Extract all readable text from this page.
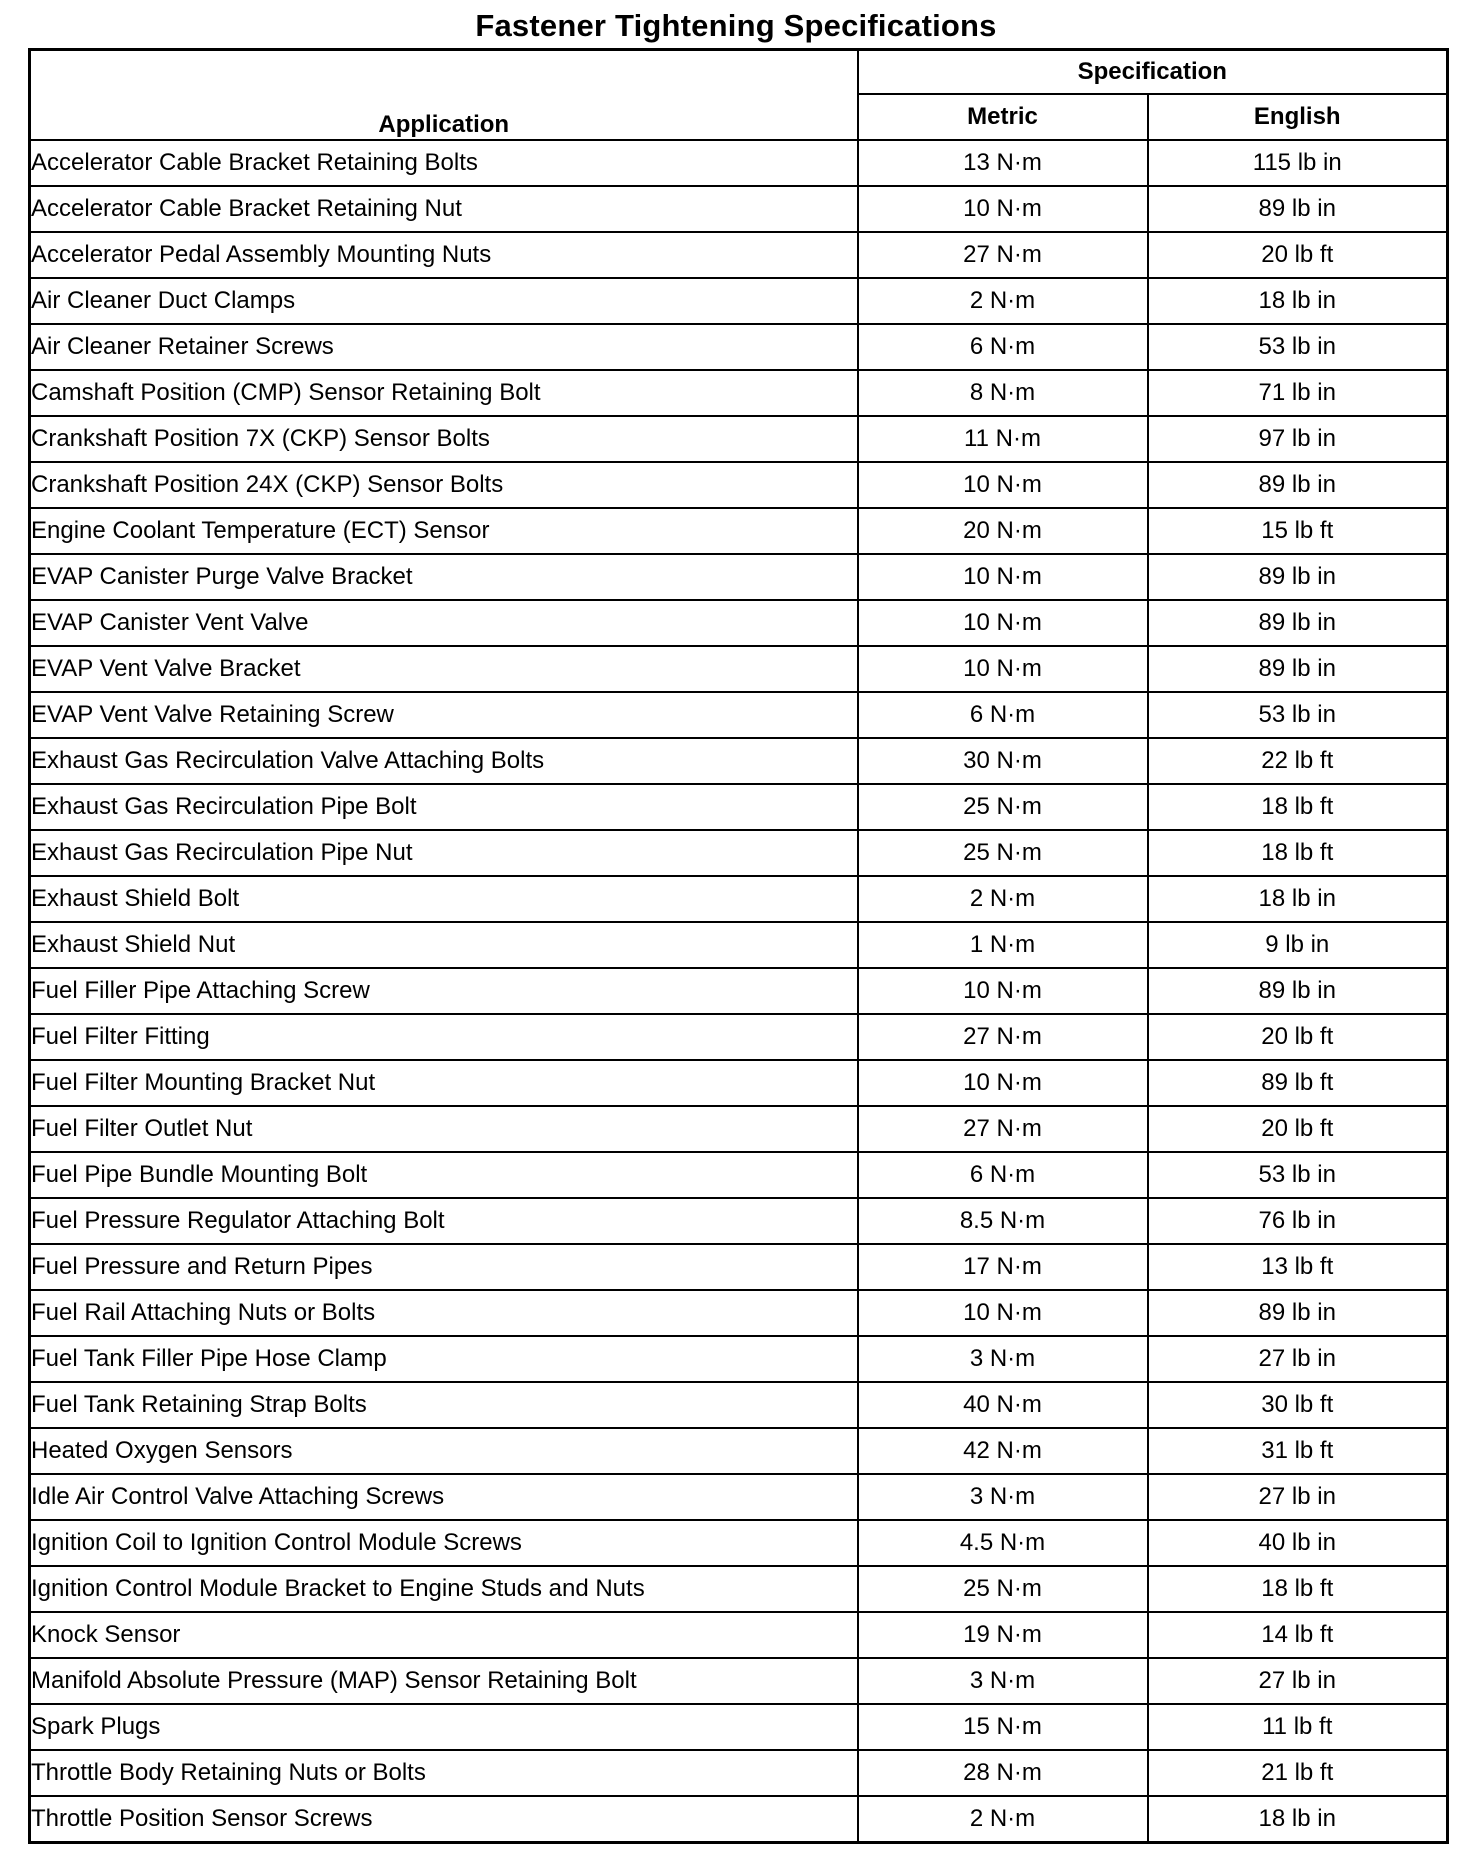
Fastener Tightening Specifications
Application	Specification	
	Metric	English
Accelerator Cable Bracket Retaining Bolts	13 N·m	115 lb in
Accelerator Cable Bracket Retaining Nut	10 N·m	89 lb in
Accelerator Pedal Assembly Mounting Nuts	27 N·m	20 lb ft
Air Cleaner Duct Clamps	2 N·m	18 lb in
Air Cleaner Retainer Screws	6 N·m	53 lb in
Camshaft Position (CMP) Sensor Retaining Bolt	8 N·m	71 lb in
Crankshaft Position 7X (CKP) Sensor Bolts	11 N·m	97 lb in
Crankshaft Position 24X (CKP) Sensor Bolts	10 N·m	89 lb in
Engine Coolant Temperature (ECT) Sensor	20 N·m	15 lb ft
EVAP Canister Purge Valve Bracket	10 N·m	89 lb in
EVAP Canister Vent Valve	10 N·m	89 lb in
EVAP Vent Valve Bracket	10 N·m	89 lb in
EVAP Vent Valve Retaining Screw	6 N·m	53 lb in
Exhaust Gas Recirculation Valve Attaching Bolts	30 N·m	22 lb ft
Exhaust Gas Recirculation Pipe Bolt	25 N·m	18 lb ft
Exhaust Gas Recirculation Pipe Nut	25 N·m	18 lb ft
Exhaust Shield Bolt	2 N·m	18 lb in
Exhaust Shield Nut	1 N·m	9 lb in
Fuel Filler Pipe Attaching Screw	10 N·m	89 lb in
Fuel Filter Fitting	27 N·m	20 lb ft
Fuel Filter Mounting Bracket Nut	10 N·m	89 lb ft
Fuel Filter Outlet Nut	27 N·m	20 lb ft
Fuel Pipe Bundle Mounting Bolt	6 N·m	53 lb in
Fuel Pressure Regulator Attaching Bolt	8.5 N·m	76 lb in
Fuel Pressure and Return Pipes	17 N·m	13 lb ft
Fuel Rail Attaching Nuts or Bolts	10 N·m	89 lb in
Fuel Tank Filler Pipe Hose Clamp	3 N·m	27 lb in
Fuel Tank Retaining Strap Bolts	40 N·m	30 lb ft
Heated Oxygen Sensors	42 N·m	31 lb ft
Idle Air Control Valve Attaching Screws	3 N·m	27 lb in
Ignition Coil to Ignition Control Module Screws	4.5 N·m	40 lb in
Ignition Control Module Bracket to Engine Studs and Nuts	25 N·m	18 lb ft
Knock Sensor	19 N·m	14 lb ft
Manifold Absolute Pressure (MAP) Sensor Retaining Bolt	3 N·m	27 lb in
Spark Plugs	15 N·m	11 lb ft
Throttle Body Retaining Nuts or Bolts	28 N·m	21 lb ft
Throttle Position Sensor Screws	2 N·m	18 lb in
